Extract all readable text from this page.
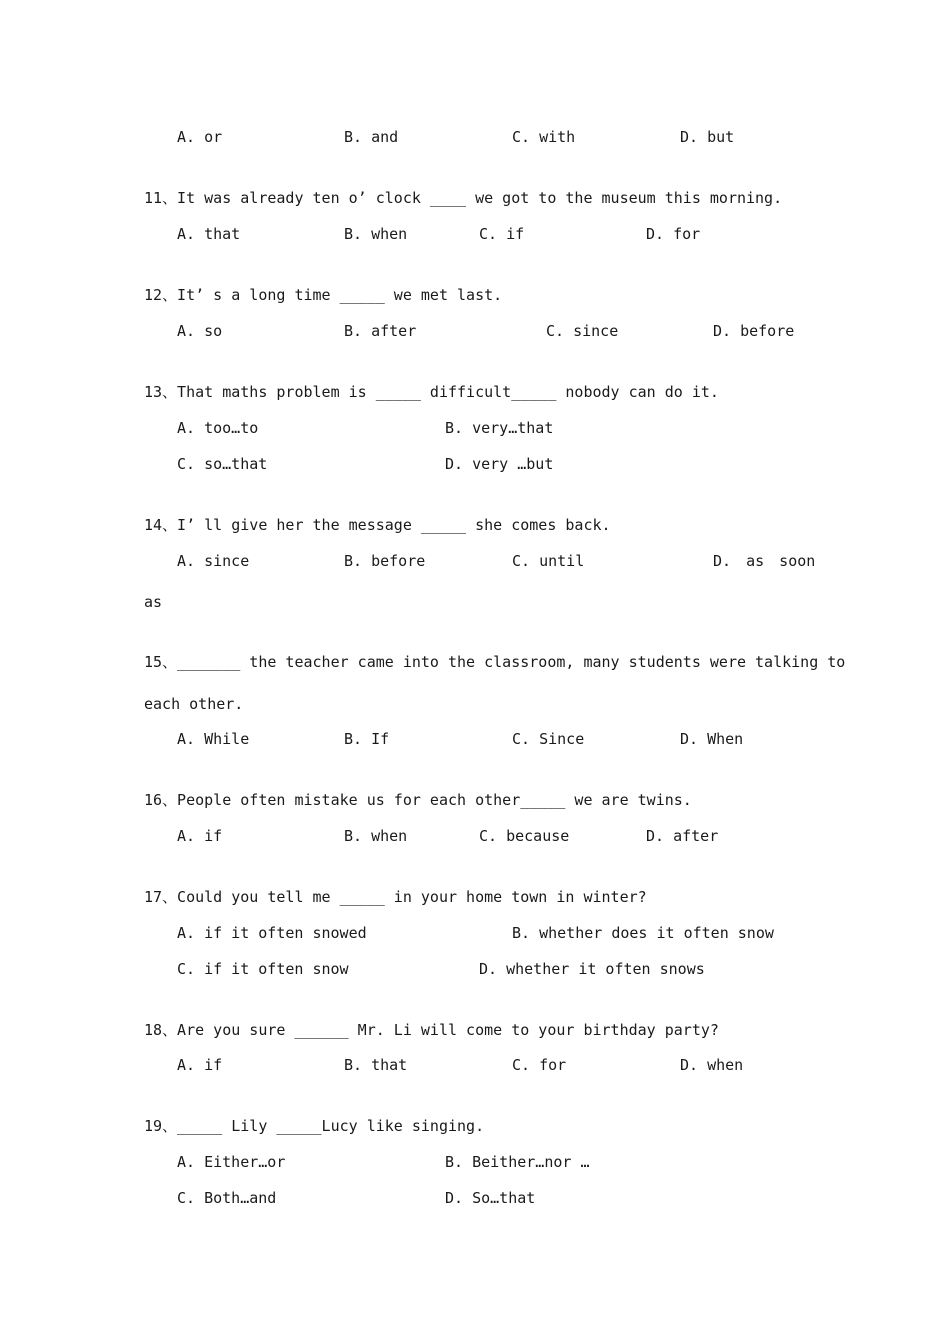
A. or	B. and	C. with	D. but
11、It was already ten o’ clock ____ we got to the museum this morning.
A. that	B. when	C. if	D. for
12、It’ s a long time _____ we met last.
A. so	B. after	C. since	D. before
13、That maths problem is _____ difficult_____ nobody can do it.
A. too…to	B. very…that
C. so…that	D. very …but
14、I’ ll give her the message _____ she comes back.
A. since	B. before	C. until	D. as soon
as
15、_______ the teacher came into the classroom, many students were talking to
each other.
A. While	B. If	C. Since	D. When
16、People often mistake us for each other_____ we are twins.
A. if	B. when	C. because	D. after
17、Could you tell me _____ in your home town in winter?
A. if it often snowed	B. whether does it often snow
C. if it often snow	D. whether it often snows
18、Are you sure ______ Mr. Li will come to your birthday party?
A. if	B. that	C. for	D. when
19、_____ Lily _____Lucy like singing.
A. Either…or	B. Beither…nor …
C. Both…and	D. So…that
